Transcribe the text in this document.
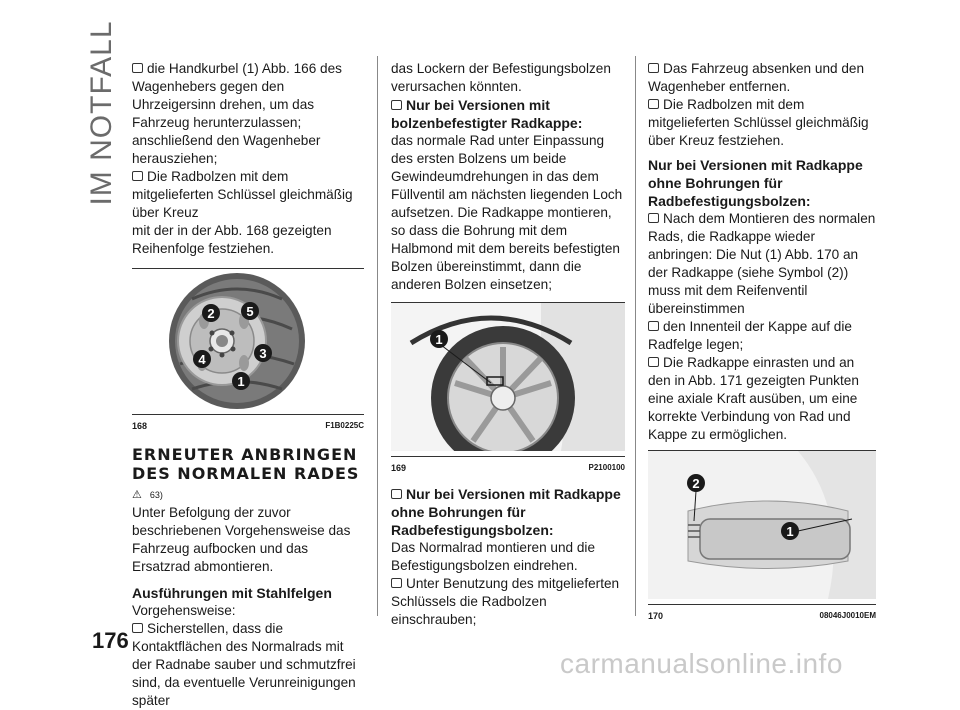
IM NOTFALL	die Handkurbel (1) Abb. 166 des Wagenhebers gegen den Uhrzeigersinn drehen, um das Fahrzeug herunterzulassen; anschließend den Wagenheber herausziehen;

Die Radbolzen mit dem mitgelieferten Schlüssel gleichmäßig über Kreuz

mit der in der Abb. 168 gezeigten Reihenfolge festziehen.

2 5
4	3
1
168	F1B0225C
ERNEUTER ANBRINGEN
DES NORMALEN RADES
⚠ 63)

Unter Befolgung der zuvor beschriebenen Vorgehensweise das Fahrzeug aufbocken und das Ersatzrad abmontieren.

Ausführungen mit Stahlfelgen

Vorgehensweise:

Sicherstellen, dass die Kontaktflächen des Normalrads mit der Radnabe sauber und schmutzfrei sind, da eventuelle Verunreinigungen später

das Lockern der Befestigungsbolzen verursachen könnten.

Nur bei Versionen mit bolzenbefestigter Radkappe:

das normale Rad unter Einpassung des ersten Bolzens um beide Gewindeumdrehungen in das dem Füllventil am nächsten liegenden Loch aufsetzen. Die Radkappe montieren, so dass die Bohrung mit dem Halbmond mit dem bereits befestigten Bolzen übereinstimmt, dann die anderen Bolzen einsetzen;

1
169	P2100100

Nur bei Versionen mit Radkappe ohne Bohrungen für Radbefestigungsbolzen:

Das Normalrad montieren und die Befestigungsbolzen eindrehen.

Unter Benutzung des mitgelieferten Schlüssels die Radbolzen einschrauben;

Das Fahrzeug absenken und den Wagenheber entfernen.

Die Radbolzen mit dem mitgelieferten Schlüssel gleichmäßig über Kreuz festziehen.

Nur bei Versionen mit Radkappe ohne Bohrungen für Radbefestigungsbolzen:

Nach dem Montieren des normalen Rads, die Radkappe wieder anbringen: Die Nut (1) Abb. 170 an der Radkappe (siehe Symbol (2)) muss mit dem Reifenventil übereinstimmen

den Innenteil der Kappe auf die Radfelge legen;

Die Radkappe einrasten und an den in Abb. 171 gezeigten Punkten eine axiale Kraft ausüben, um eine korrekte Verbindung von Rad und Kappe zu ermöglichen.

2
1
170	08046J0010EM
176
carmanualsonline.info
